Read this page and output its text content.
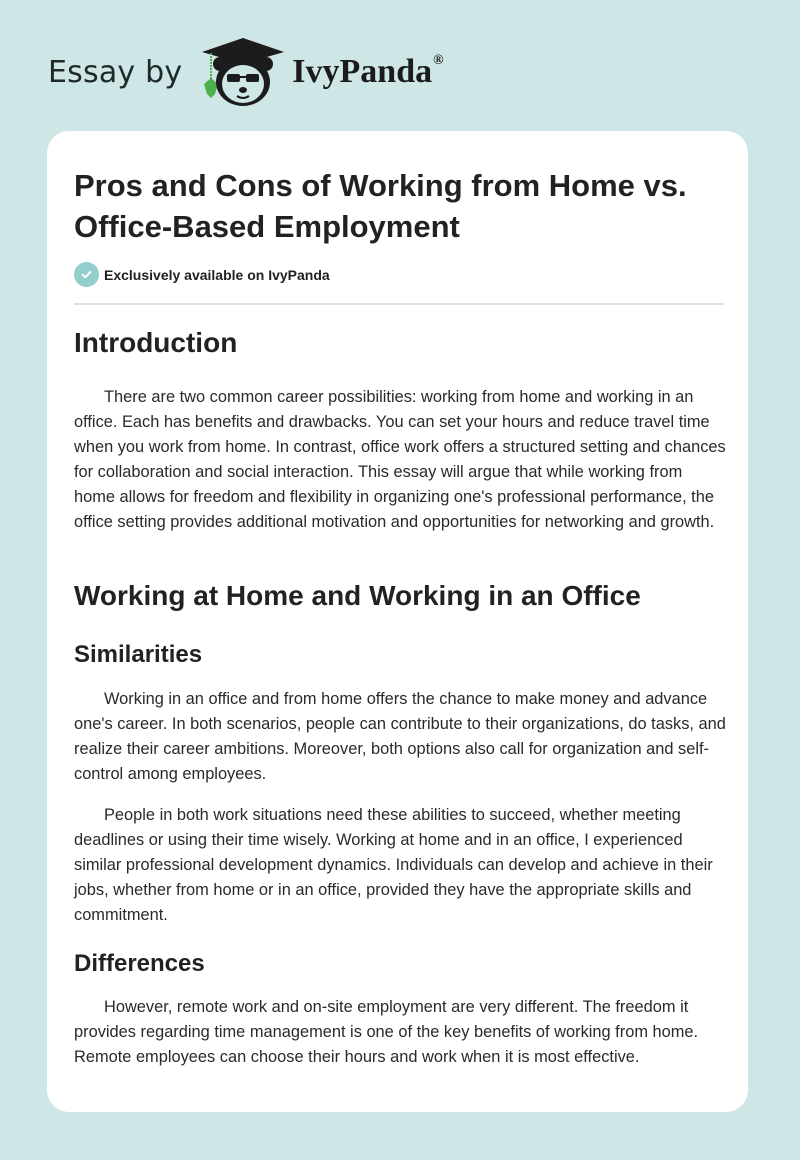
Essay by	IvyPanda®
Pros and Cons of Working from Home vs. Office-Based Employment
Exclusively available on IvyPanda
Introduction

There are two common career possibilities: working from home and working in an office. Each has benefits and drawbacks. You can set your hours and reduce travel time when you work from home. In contrast, office work offers a structured setting and chances for collaboration and social interaction. This essay will argue that while working from home allows for freedom and flexibility in organizing one's professional performance, the office setting provides additional motivation and opportunities for networking and growth.

Working at Home and Working in an Office
Similarities

Working in an office and from home offers the chance to make money and advance one's career. In both scenarios, people can contribute to their organizations, do tasks, and realize their career ambitions. Moreover, both options also call for organization and self-control among employees.

People in both work situations need these abilities to succeed, whether meeting deadlines or using their time wisely. Working at home and in an office, I experienced similar professional development dynamics. Individuals can develop and achieve in their jobs, whether from home or in an office, provided they have the appropriate skills and commitment.

Differences

However, remote work and on-site employment are very different. The freedom it provides regarding time management is one of the key benefits of working from home. Remote employees can choose their hours and work when it is most effective.
